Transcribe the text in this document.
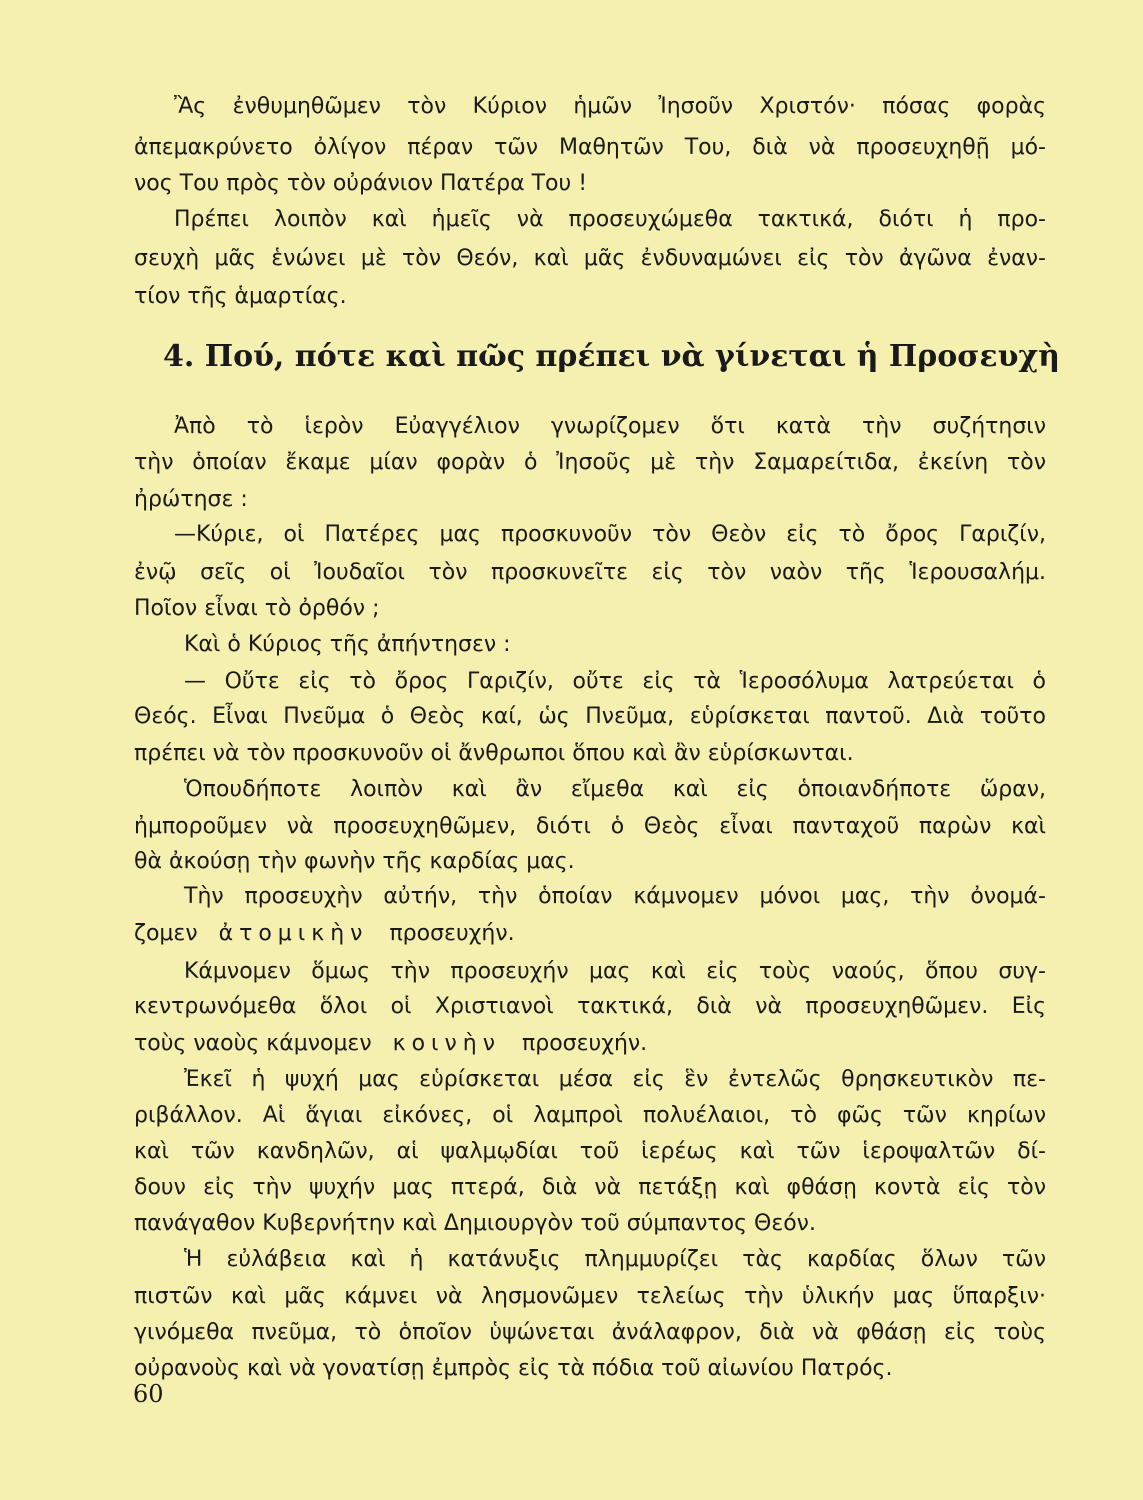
Ἂς ἐνθυμηθῶμεν τὸν Κύριον ἡμῶν Ἰησοῦν Χριστόν· πόσας φορὰς
ἀπεμακρύνετο ὀλίγον πέραν τῶν Μαθητῶν Του, διὰ νὰ προσευχηθῇ μό-
νος Του πρὸς τὸν οὐράνιον Πατέρα Του !
Πρέπει λοιπὸν καὶ ἡμεῖς νὰ προσευχώμεθα τακτικά, διότι ἡ προ-
σευχὴ μᾶς ἑνώνει μὲ τὸν Θεόν, καὶ μᾶς ἐνδυναμώνει εἰς τὸν ἀγῶνα ἐναν-
τίον τῆς ἁμαρτίας.
4. Πού, πότε καὶ πῶς πρέπει νὰ γίνεται ἡ Προσευχὴ
Ἀπὸ τὸ ἱερὸν Εὐαγγέλιον γνωρίζομεν ὅτι κατὰ τὴν συζήτησιν
τὴν ὁποίαν ἔκαμε μίαν φορὰν ὁ Ἰησοῦς μὲ τὴν Σαμαρείτιδα, ἐκείνη τὸν
ἠρώτησε :
—Κύριε, οἱ Πατέρες μας προσκυνοῦν τὸν Θεὸν εἰς τὸ ὄρος Γαριζίν,
ἐνῷ σεῖς οἱ Ἰουδαῖοι τὸν προσκυνεῖτε εἰς τὸν ναὸν τῆς Ἱερουσαλήμ.
Ποῖον εἶναι τὸ ὀρθόν ;
Καὶ ὁ Κύριος τῆς ἀπήντησεν :
— Οὔτε εἰς τὸ ὄρος Γαριζίν, οὔτε εἰς τὰ Ἱεροσόλυμα λατρεύεται ὁ
Θεός. Εἶναι Πνεῦμα ὁ Θεὸς καί, ὡς Πνεῦμα, εὑρίσκεται παντοῦ. Διὰ τοῦτο
πρέπει νὰ τὸν προσκυνοῦν οἱ ἄνθρωποι ὅπου καὶ ἂν εὑρίσκωνται.
Ὁπουδήποτε λοιπὸν καὶ ἂν εἴμεθα καὶ εἰς ὁποιανδήποτε ὥραν,
ἠμποροῦμεν νὰ προσευχηθῶμεν, διότι ὁ Θεὸς εἶναι πανταχοῦ παρὼν καὶ
θὰ ἀκούσῃ τὴν φωνὴν τῆς καρδίας μας.
Τὴν προσευχὴν αὐτήν, τὴν ὁποίαν κάμνομεν μόνοι μας, τὴν ὀνομά-
ζομεν ἀτομικὴν προσευχήν.
Κάμνομεν ὅμως τὴν προσευχήν μας καὶ εἰς τοὺς ναούς, ὅπου συγ-
κεντρωνόμεθα ὅλοι οἱ Χριστιανοὶ τακτικά, διὰ νὰ προσευχηθῶμεν. Εἰς
τοὺς ναοὺς κάμνομεν κοινὴν προσευχήν.
Ἐκεῖ ἡ ψυχή μας εὑρίσκεται μέσα εἰς ἓν ἐντελῶς θρησκευτικὸν πε-
ριβάλλον. Αἱ ἅγιαι εἰκόνες, οἱ λαμπροὶ πολυέλαιοι, τὸ φῶς τῶν κηρίων
καὶ τῶν κανδηλῶν, αἱ ψαλμῳδίαι τοῦ ἱερέως καὶ τῶν ἱεροψαλτῶν δί-
δουν εἰς τὴν ψυχήν μας πτερά, διὰ νὰ πετάξῃ καὶ φθάσῃ κοντὰ εἰς τὸν
πανάγαθον Κυβερνήτην καὶ Δημιουργὸν τοῦ σύμπαντος Θεόν.
Ἡ εὐλάβεια καὶ ἡ κατάνυξις πλημμυρίζει τὰς καρδίας ὅλων τῶν
πιστῶν καὶ μᾶς κάμνει νὰ λησμονῶμεν τελείως τὴν ὑλικήν μας ὕπαρξιν·
γινόμεθα πνεῦμα, τὸ ὁποῖον ὑψώνεται ἀνάλαφρον, διὰ νὰ φθάσῃ εἰς τοὺς
οὐρανοὺς καὶ νὰ γονατίσῃ ἐμπρὸς εἰς τὰ πόδια τοῦ αἰωνίου Πατρός.
60
